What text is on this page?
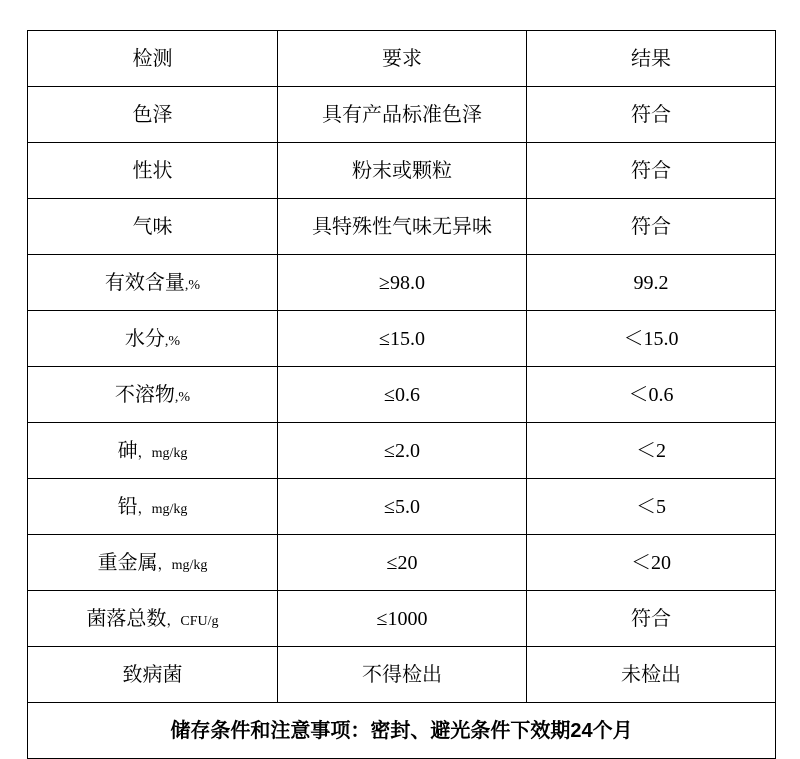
检测	要求	结果

色泽	具有产品标准色泽	符合

性状	粉末或颗粒	符合

气味	具特殊性气味无异味	符合

有效含量,%	≥98.0	99.2

水分,%	≤15.0	＜15.0

不溶物,%	≤0.6	＜0.6

砷，mg/kg	≤2.0	＜2

铅，mg/kg	≤5.0	＜5

重金属，mg/kg	≤20	＜20

菌落总数，CFU/g	≤1000	符合

致病菌	不得检出	未检出
储存条件和注意事项：密封、避光条件下效期24个月		
